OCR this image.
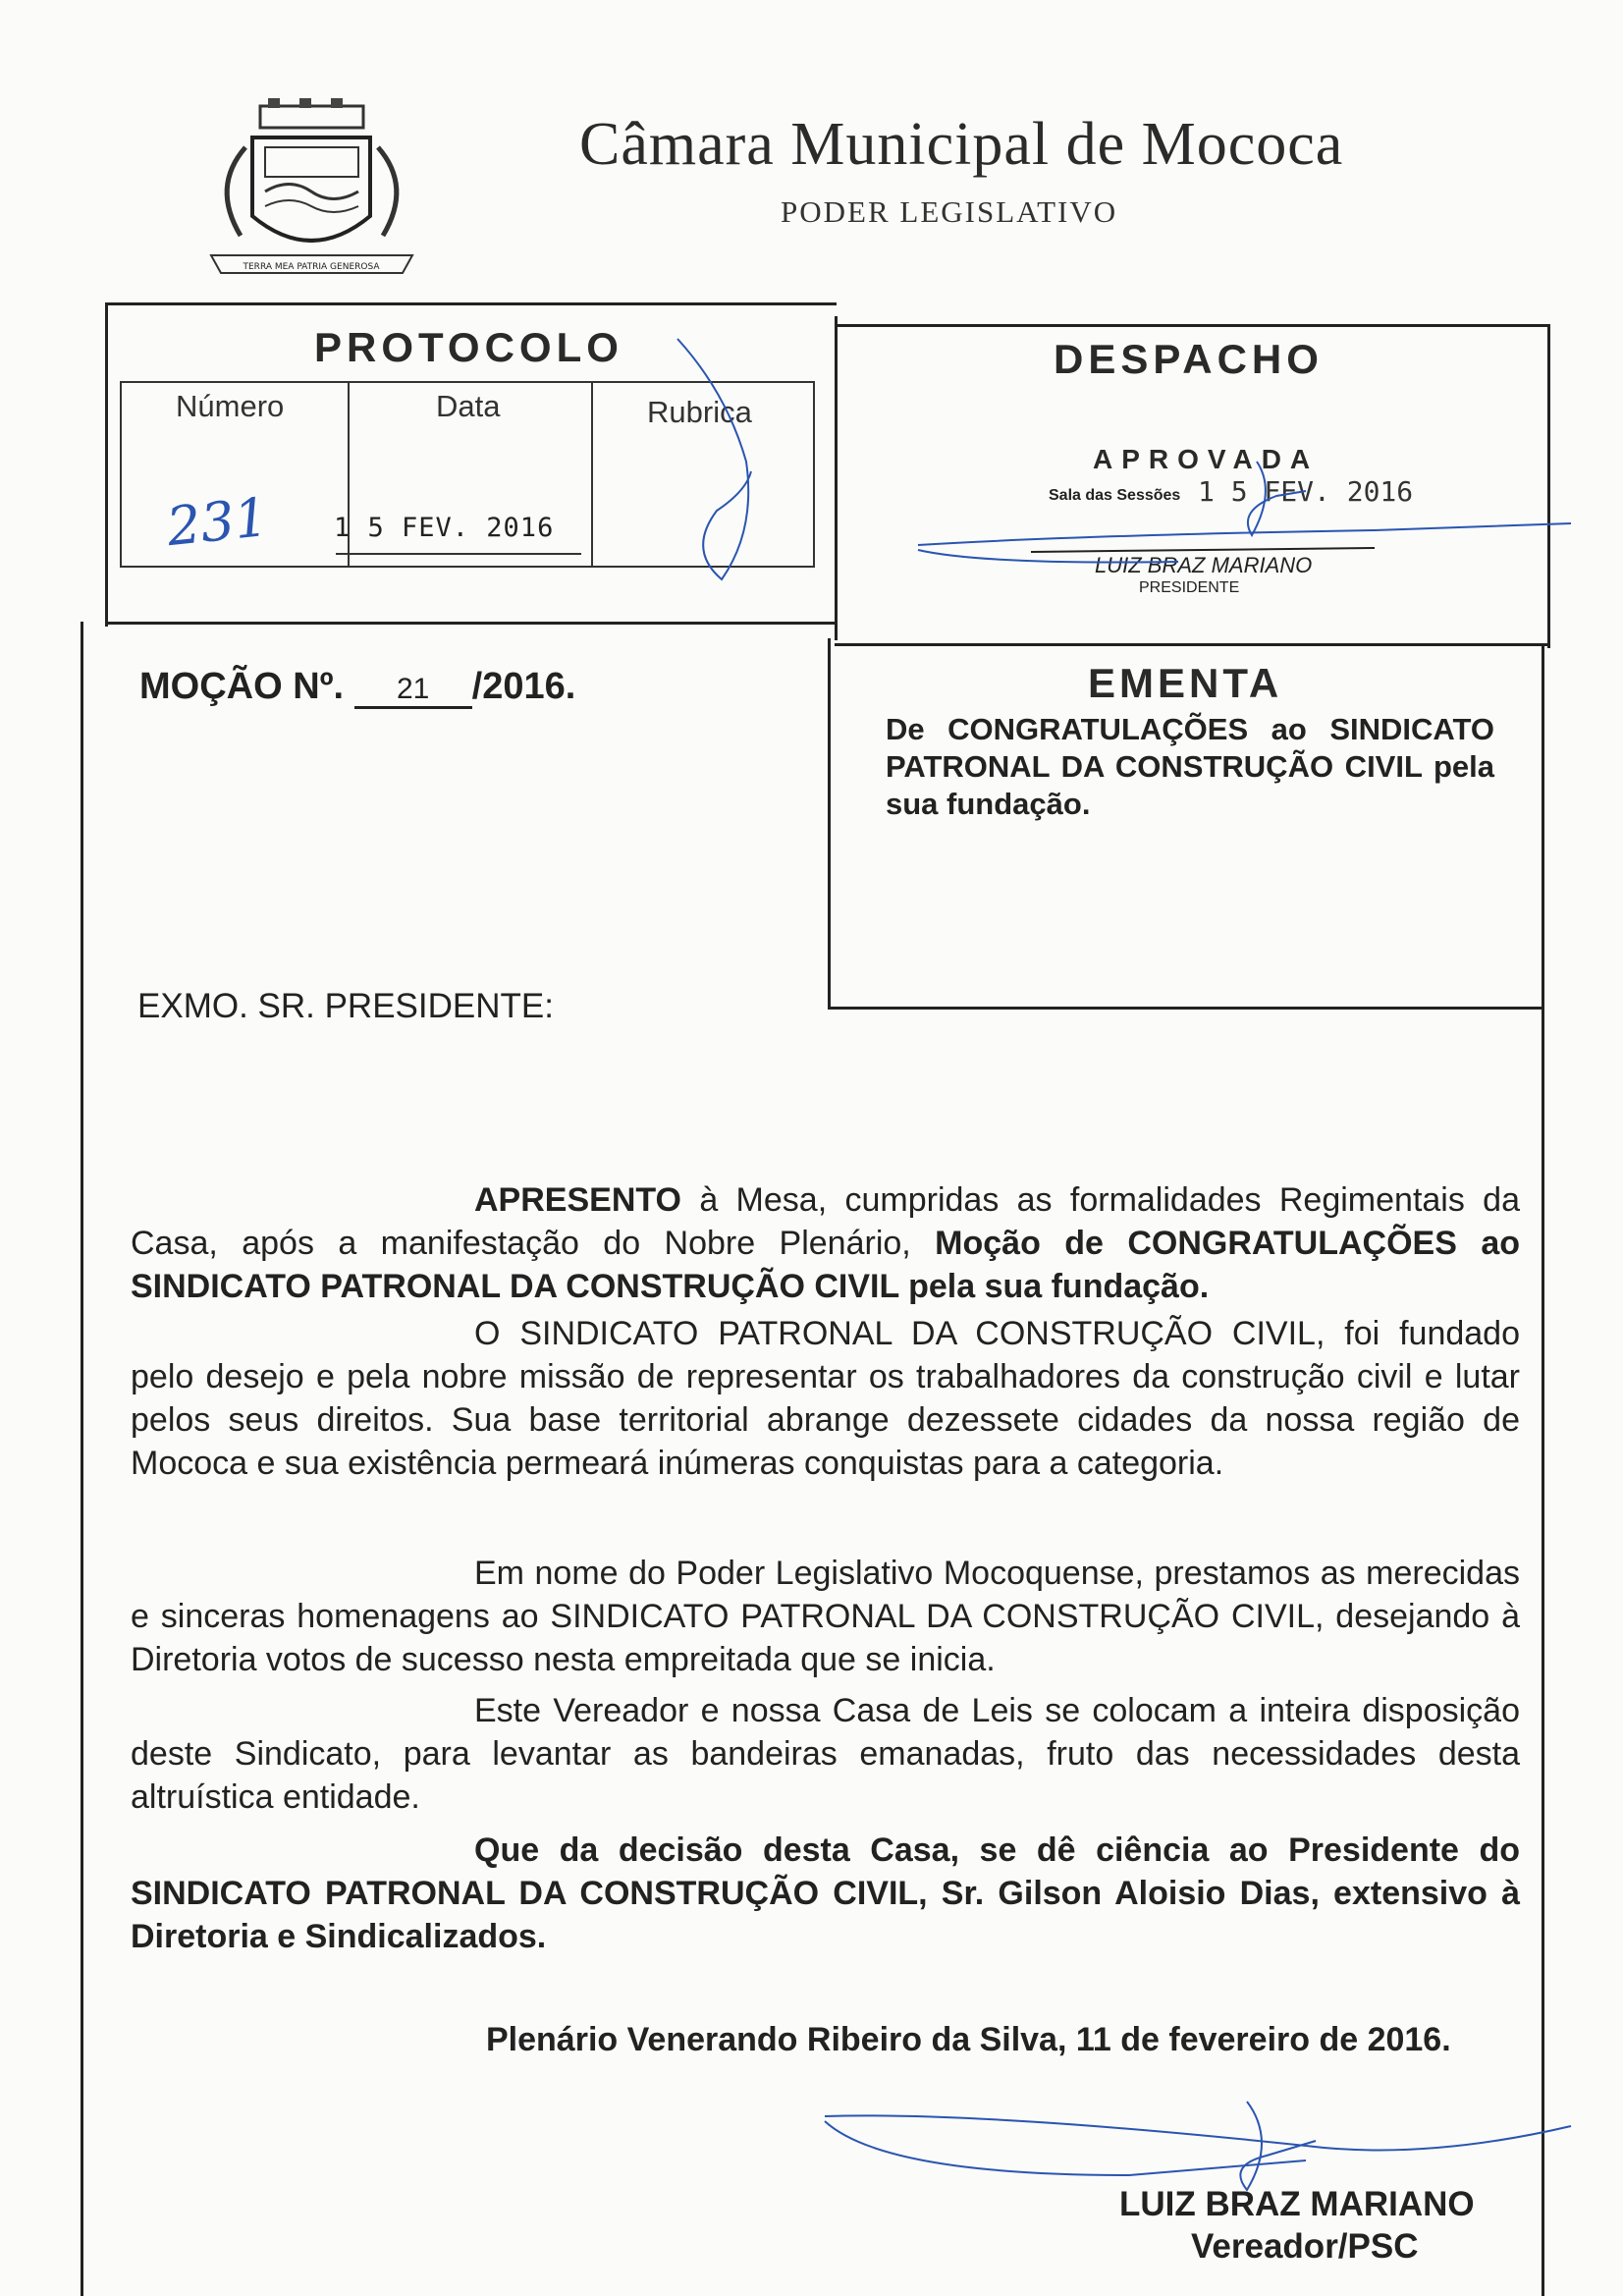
TERRA MEA PATRIA GENEROSA
Câmara Municipal de Mococa
PODER LEGISLATIVO
PROTOCOLO
Número	Data	Rubrica
231 1 5 FEV. 2016
DESPACHO
APROVADA
Sala das Sessões 1 5 FEV. 2016
LUIZ BRAZ MARIANO
PRESIDENTE
MOÇÃO Nº. 21 /2016.	EMENTA
De CONGRATULAÇÕES ao SINDICATO PATRONAL DA CONSTRUÇÃO CIVIL pela sua fundação.
EXMO. SR. PRESIDENTE:
APRESENTO à Mesa, cumpridas as formalidades Regimentais da Casa, após a manifestação do Nobre Plenário, Moção de CONGRATULAÇÕES ao SINDICATO PATRONAL DA CONSTRUÇÃO CIVIL pela sua fundação.
O SINDICATO PATRONAL DA CONSTRUÇÃO CIVIL, foi fundado pelo desejo e pela nobre missão de representar os trabalhadores da construção civil e lutar pelos seus direitos. Sua base territorial abrange dezessete cidades da nossa região de Mococa e sua existência permeará inúmeras conquistas para a categoria.
Em nome do Poder Legislativo Mocoquense, prestamos as merecidas e sinceras homenagens ao SINDICATO PATRONAL DA CONSTRUÇÃO CIVIL, desejando à Diretoria votos de sucesso nesta empreitada que se inicia.
Este Vereador e nossa Casa de Leis se colocam a inteira disposição deste Sindicato, para levantar as bandeiras emanadas, fruto das necessidades desta altruística entidade.
Que da decisão desta Casa, se dê ciência ao Presidente do SINDICATO PATRONAL DA CONSTRUÇÃO CIVIL, Sr. Gilson Aloisio Dias, extensivo à Diretoria e Sindicalizados.
Plenário Venerando Ribeiro da Silva, 11 de fevereiro de 2016.
LUIZ BRAZ MARIANO
Vereador/PSC
